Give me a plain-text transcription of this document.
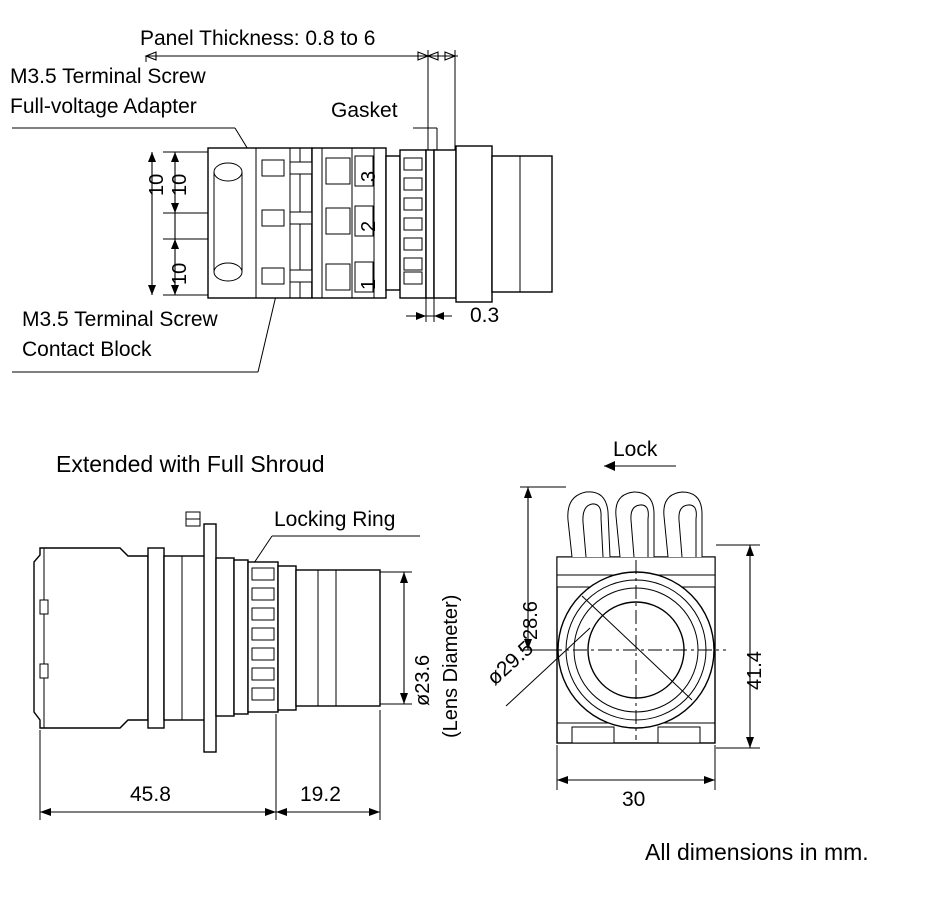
Panel Thickness: 0.8 to 6
M3.5 Terminal Screw
Full-voltage Adapter	Gasket
M3.5 Terminal Screw
Contact Block
10 10
10
0.3
3
2
1
Extended with Full Shroud
Locking Ring
ø23.6 (Lens Diameter)
45.8	19.2
Lock
28.6
41.4
ø29.5
30
All dimensions in mm.
